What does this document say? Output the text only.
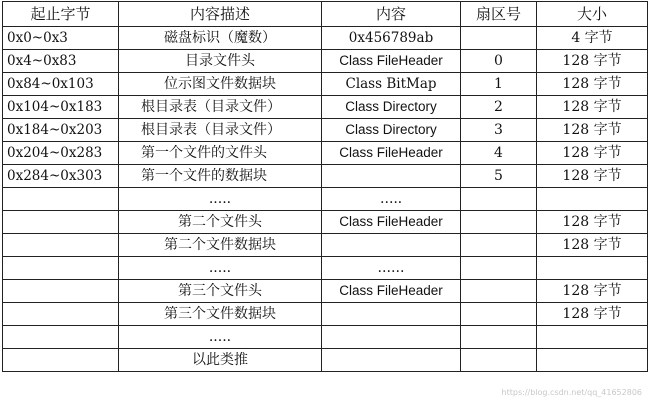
起止字节	内容描述	内容	扇区号	大小
0x0~0x3	磁盘标识（魔数）	0x456789ab		4 字节
0x4~0x83	目录文件头	Class FileHeader	0	128 字节
0x84~0x103	位示图文件数据块	Class BitMap	1	128 字节
0x104~0x183	根目录表（目录文件）	Class Directory	2	128 字节
0x184~0x203	根目录表（目录文件）	Class Directory	3	128 字节
0x204~0x283	第一个文件的文件头	Class FileHeader	4	128 字节
0x284~0x303	第一个文件的数据块		5	128 字节
	.....	…..		
	第二个文件头	Class FileHeader		128 字节
	第二个文件数据块			128 字节
	.....	……		
	第三个文件头	Class FileHeader		128 字节
	第三个文件数据块			128 字节
	.....			
	以此类推			
https://blog.csdn.net/qq_41652806
